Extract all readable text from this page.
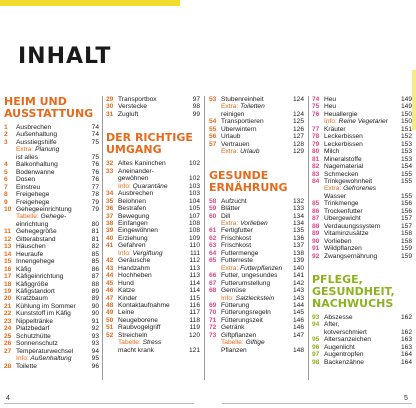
INHALT
HEIM UND AUSSTATTUNG
1	Ausbrechen	74
2	Außenhaltung	74
3	Ausstiegshilfe	75
Extra: Planung
ist alles	75
4	Balkonhaltung	76
5	Bodenwanne	76
6	Dosen	76
7	Einstreu	77
8	Freigehege	78
9	Freigehege	79
10 Gehegeeinrichtung	79
Tabelle: Gehege-
einrichtung	80
11 Gehegegröße	81
12 Gitterabstand	81
13 Häuschen	82
14 Heuraufe	85
15 Innengehege	85
16 Käfig	86
17 Käfigeinrichtung	87
18 Käfiggröße	88
19 Käfigstandort	89
20 Kratzbaum	89
21 Kühlung im Sommer	90
22 Kunststoff im Käfig	90
23 Nippeltränke	91
24 Platzbedarf	92
25 Schutzhütte	93
26 Sonnenschutz	93
27 Temperaturwechsel	94
Info: Außenhaltung	95
28 Toilette	96
29 Transportbox	97
30 Verstecke	98
31 Zugluft	99
DER RICHTIGE UMGANG
32 Altes Kaninchen	102
33 Aneinander-
gewöhnen	102
Info: Quarantäne	103
34 Ausbrechen	103
35 Belohnen	104
36 Bestrafen	105
37 Bewegung	107
38 Einfangen	108
39 Eingewöhnen	108
40 Erziehung	109
41 Gefahren	110
Info: Vergiftung	111
42 Geräusche	112
43 Handzahm	113
44 Hochheben	113
45 Hund	114
46 Katze	114
47 Kinder	115
48 Kontaktaufnahme	116
49 Leine	117
50 Neugeborene	118
51 Raubvogelgriff	119
52 Streicheln	120
Tabelle: Stress
macht krank	121
53 Stubenreinheit	124
Extra: Toiletten
reinigen	124
54 Transportieren	125
55 Überwintern	126
56 Urlaub	127
57 Vertrauen	128
Extra: Urlaub	129
GESUNDE ERNÄHRUNG
58 Aufzucht	132
59 Blätter	133
60 Dill	134
Extra: Vorlieben	134
61 Fertigfutter	135
62 Frischkost	136
63 Frischkost	137
64 Futtermenge	138
65 Futterreste	139
Extra: Futterpflanzen	140
66 Futter, ungesundes	141
67 Futterumstellung	142
68 Gemüse	143
Info: Salzleckstein	143
69 Fütterung	144
70 Fütterungsregeln	145
71 Fütterungszeit	146
72 Getränk	146
73 Giftpflanzen	147
Tabelle: Giftige
Pflanzen	148
74 Heu	149
75 Heu	149
76 Heuallergie	150
Info: Reine Vegetarier	150
77 Kräuter	151
78 Leckerbissen	152
79 Leckerbissen	153
80 Milch	153
81 Mineralstoffe	153
82 Nagematerial	154
83 Schmecken	155
84 Trinkgewohnheit	155
Extra: Gefrorenes
Wasser	155
85 Trinkmenge	156
86 Trockenfutter	156
87 Übergewicht	157
88 Verdauungssystem	157
89 Vitaminzusätze	158
90 Vorlieben	158
91 Wildpflanzen	159
92 Zwangsernährung	159
PFLEGE, GESUNDHEIT, NACHWUCHS
93 Abszesse	162
94 After,
kotverschmiert	162
95 Altersanzeichen	163
96 Augenlicht	163
97 Augentropfen	164
98 Backenzähne	164
4	5
